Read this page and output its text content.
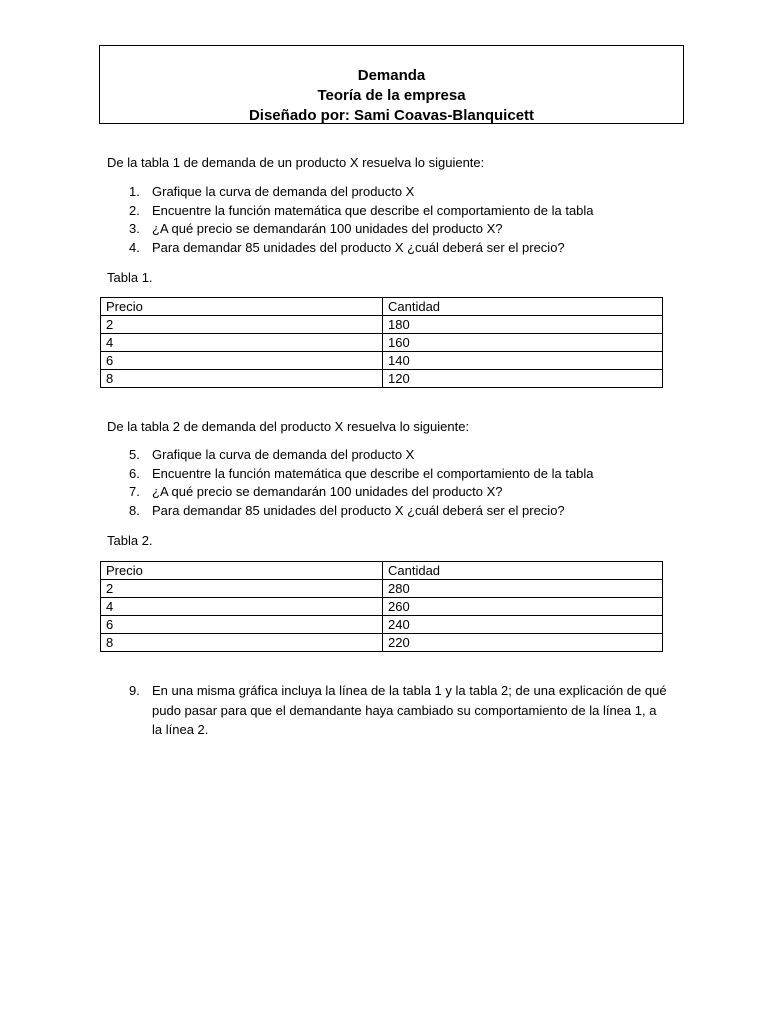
Demanda
Teoría de la empresa
Diseñado por: Sami Coavas-Blanquicett
De la tabla 1 de demanda de un producto X resuelva lo siguiente:
1. Grafique la curva de demanda del producto X
2. Encuentre la función matemática que describe el comportamiento de la tabla
3. ¿A qué precio se demandarán 100 unidades del producto X?
4. Para demandar 85 unidades del producto X ¿cuál deberá ser el precio?
Tabla 1.
Precio	Cantidad
2	180
4	160
6	140
8	120
De la tabla 2 de demanda del producto X resuelva lo siguiente:
5. Grafique la curva de demanda del producto X
6. Encuentre la función matemática que describe el comportamiento de la tabla
7. ¿A qué precio se demandarán 100 unidades del producto X?
8. Para demandar 85 unidades del producto X ¿cuál deberá ser el precio?
Tabla 2.
Precio	Cantidad
2	280
4	260
6	240
8	220
9. En una misma gráfica incluya la línea de la tabla 1 y la tabla 2; de una explicación de qué pudo pasar para que el demandante haya cambiado su comportamiento de la línea 1, a la línea 2.
